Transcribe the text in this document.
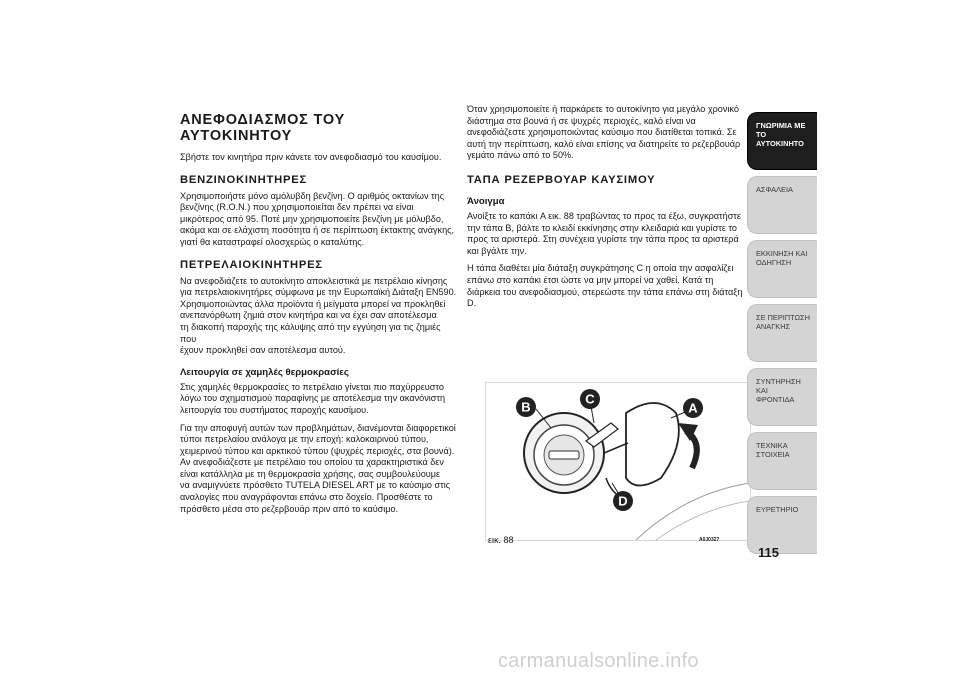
ΑΝΕΦΟΔΙΑΣΜΟΣ ΤΟΥ
ΑΥΤΟΚΙΝΗΤΟΥ
Σβήστε τον κινητήρα πριν κάνετε τον ανεφοδιασμό του καυσίμου.
ΒΕΝΖΙΝΟΚΙΝΗΤΗΡΕΣ
Χρησιμοποιήστε μόνο αμόλυβδη βενζίνη. Ο αριθμός οκτανίων της
βενζίνης (R.O.N.) που χρησιμοποιείται δεν πρέπει να είναι
μικρότερος από 95. Ποτέ μην χρησιμοποιείτε βενζίνη με μόλυβδο,
ακόμα και σε ελάχιστη ποσότητα ή σε περίπτωση έκτακτης ανάγκης,
γιατί θα καταστραφεί ολοσχερώς ο καταλύτης.
ΠΕΤΡΕΛΑΙΟΚΙΝΗΤΗΡΕΣ
Να ανεφοδιάζετε το αυτοκίνητο αποκλειστικά με πετρέλαιο κίνησης
για πετρελαιοκινητήρες σύμφωνα με την Ευρωπαϊκή Διάταξη EN590.
Χρησιμοποιώντας άλλα προϊόντα ή μείγματα μπορεί να προκληθεί
ανεπανόρθωτη ζημιά στον κινητήρα και να έχει σαν αποτέλεσμα
τη διακοπή παροχής της κάλυψης από την εγγύηση για τις ζημιές που
έχουν προκληθεί σαν αποτέλεσμα αυτού.
Λειτουργία σε χαμηλές θερμοκρασίες
Στις χαμηλές θερμοκρασίες το πετρέλαιο γίνεται πιο παχύρρευστο
λόγω του σχηματισμού παραφίνης με αποτέλεσμα την ακανόνιστη
λειτουργία του συστήματος παροχής καυσίμου.
Για την αποφυγή αυτών των προβλημάτων, διανέμονται διαφορετικοί
τύποι πετρελαίου ανάλογα με την εποχή: καλοκαιρινού τύπου,
χειμερινού τύπου και αρκτικού τύπου (ψυχρές περιοχές, στα βουνά).
Αν ανεφοδιάζεστε με πετρέλαιο του οποίου τα χαρακτηριστικά δεν
είναι κατάλληλα με τη θερμοκρασία χρήσης, σας συμβουλεύουμε
να αναμιγνύετε πρόσθετο TUTELA DIESEL ART με το καύσιμο στις
αναλογίες που αναγράφονται επάνω στο δοχείο. Προσθέστε το
πρόσθετο μέσα στο ρεζερβουάρ πριν από το καύσιμο.
Όταν χρησιμοποιείτε ή παρκάρετε το αυτοκίνητο για μεγάλο χρονικό
διάστημα στα βουνά ή σε ψυχρές περιοχές, καλό είναι να
ανεφοδιάζεστε χρησιμοποιώντας καύσιμο που διατίθεται τοπικά. Σε
αυτή την περίπτωση, καλό είναι επίσης να διατηρείτε το ρεζερβουάρ
γεμάτο πάνω από το 50%.
ΤΑΠΑ ΡΕΖΕΡΒΟΥΑΡ ΚΑΥΣΙΜΟΥ
Άνοιγμα
Ανοίξτε το καπάκι A εικ. 88 τραβώντας το προς τα έξω, συγκρατήστε
την τάπα B, βάλτε το κλειδί εκκίνησης στην κλειδαριά και γυρίστε το
προς τα αριστερά. Στη συνέχεια γυρίστε την τάπα προς τα αριστερά
και βγάλτε την.
Η τάπα διαθέτει μία διάταξη συγκράτησης C η οποία την ασφαλίζει
επάνω στο καπάκι έτσι ώστε να μην μπορεί να χαθεί. Κατά τη
διάρκεια του ανεφοδιασμού, στερεώστε την τάπα επάνω στη διάταξη
D.
A
B
C
D
εικ. 88	A0J0327
ΓΝΩΡΙΜΙΑ ΜΕ ΤΟ
ΑΥΤΟΚΙΝΗΤΟ
ΑΣΦΑΛΕΙΑ
ΕΚΚΙΝΗΣΗ ΚΑΙ
ΟΔΗΓΗΣΗ
ΣΕ ΠΕΡΙΠΤΩΣΗ
ΑΝΑΓΚΗΣ
ΣΥΝΤΗΡΗΣΗ ΚΑΙ
ΦΡΟΝΤΙΔΑ
ΤΕΧΝΙΚΑ ΣΤΟΙΧΕΙΑ
ΕΥΡΕΤΗΡΙΟ
115
carmanualsonline.info
